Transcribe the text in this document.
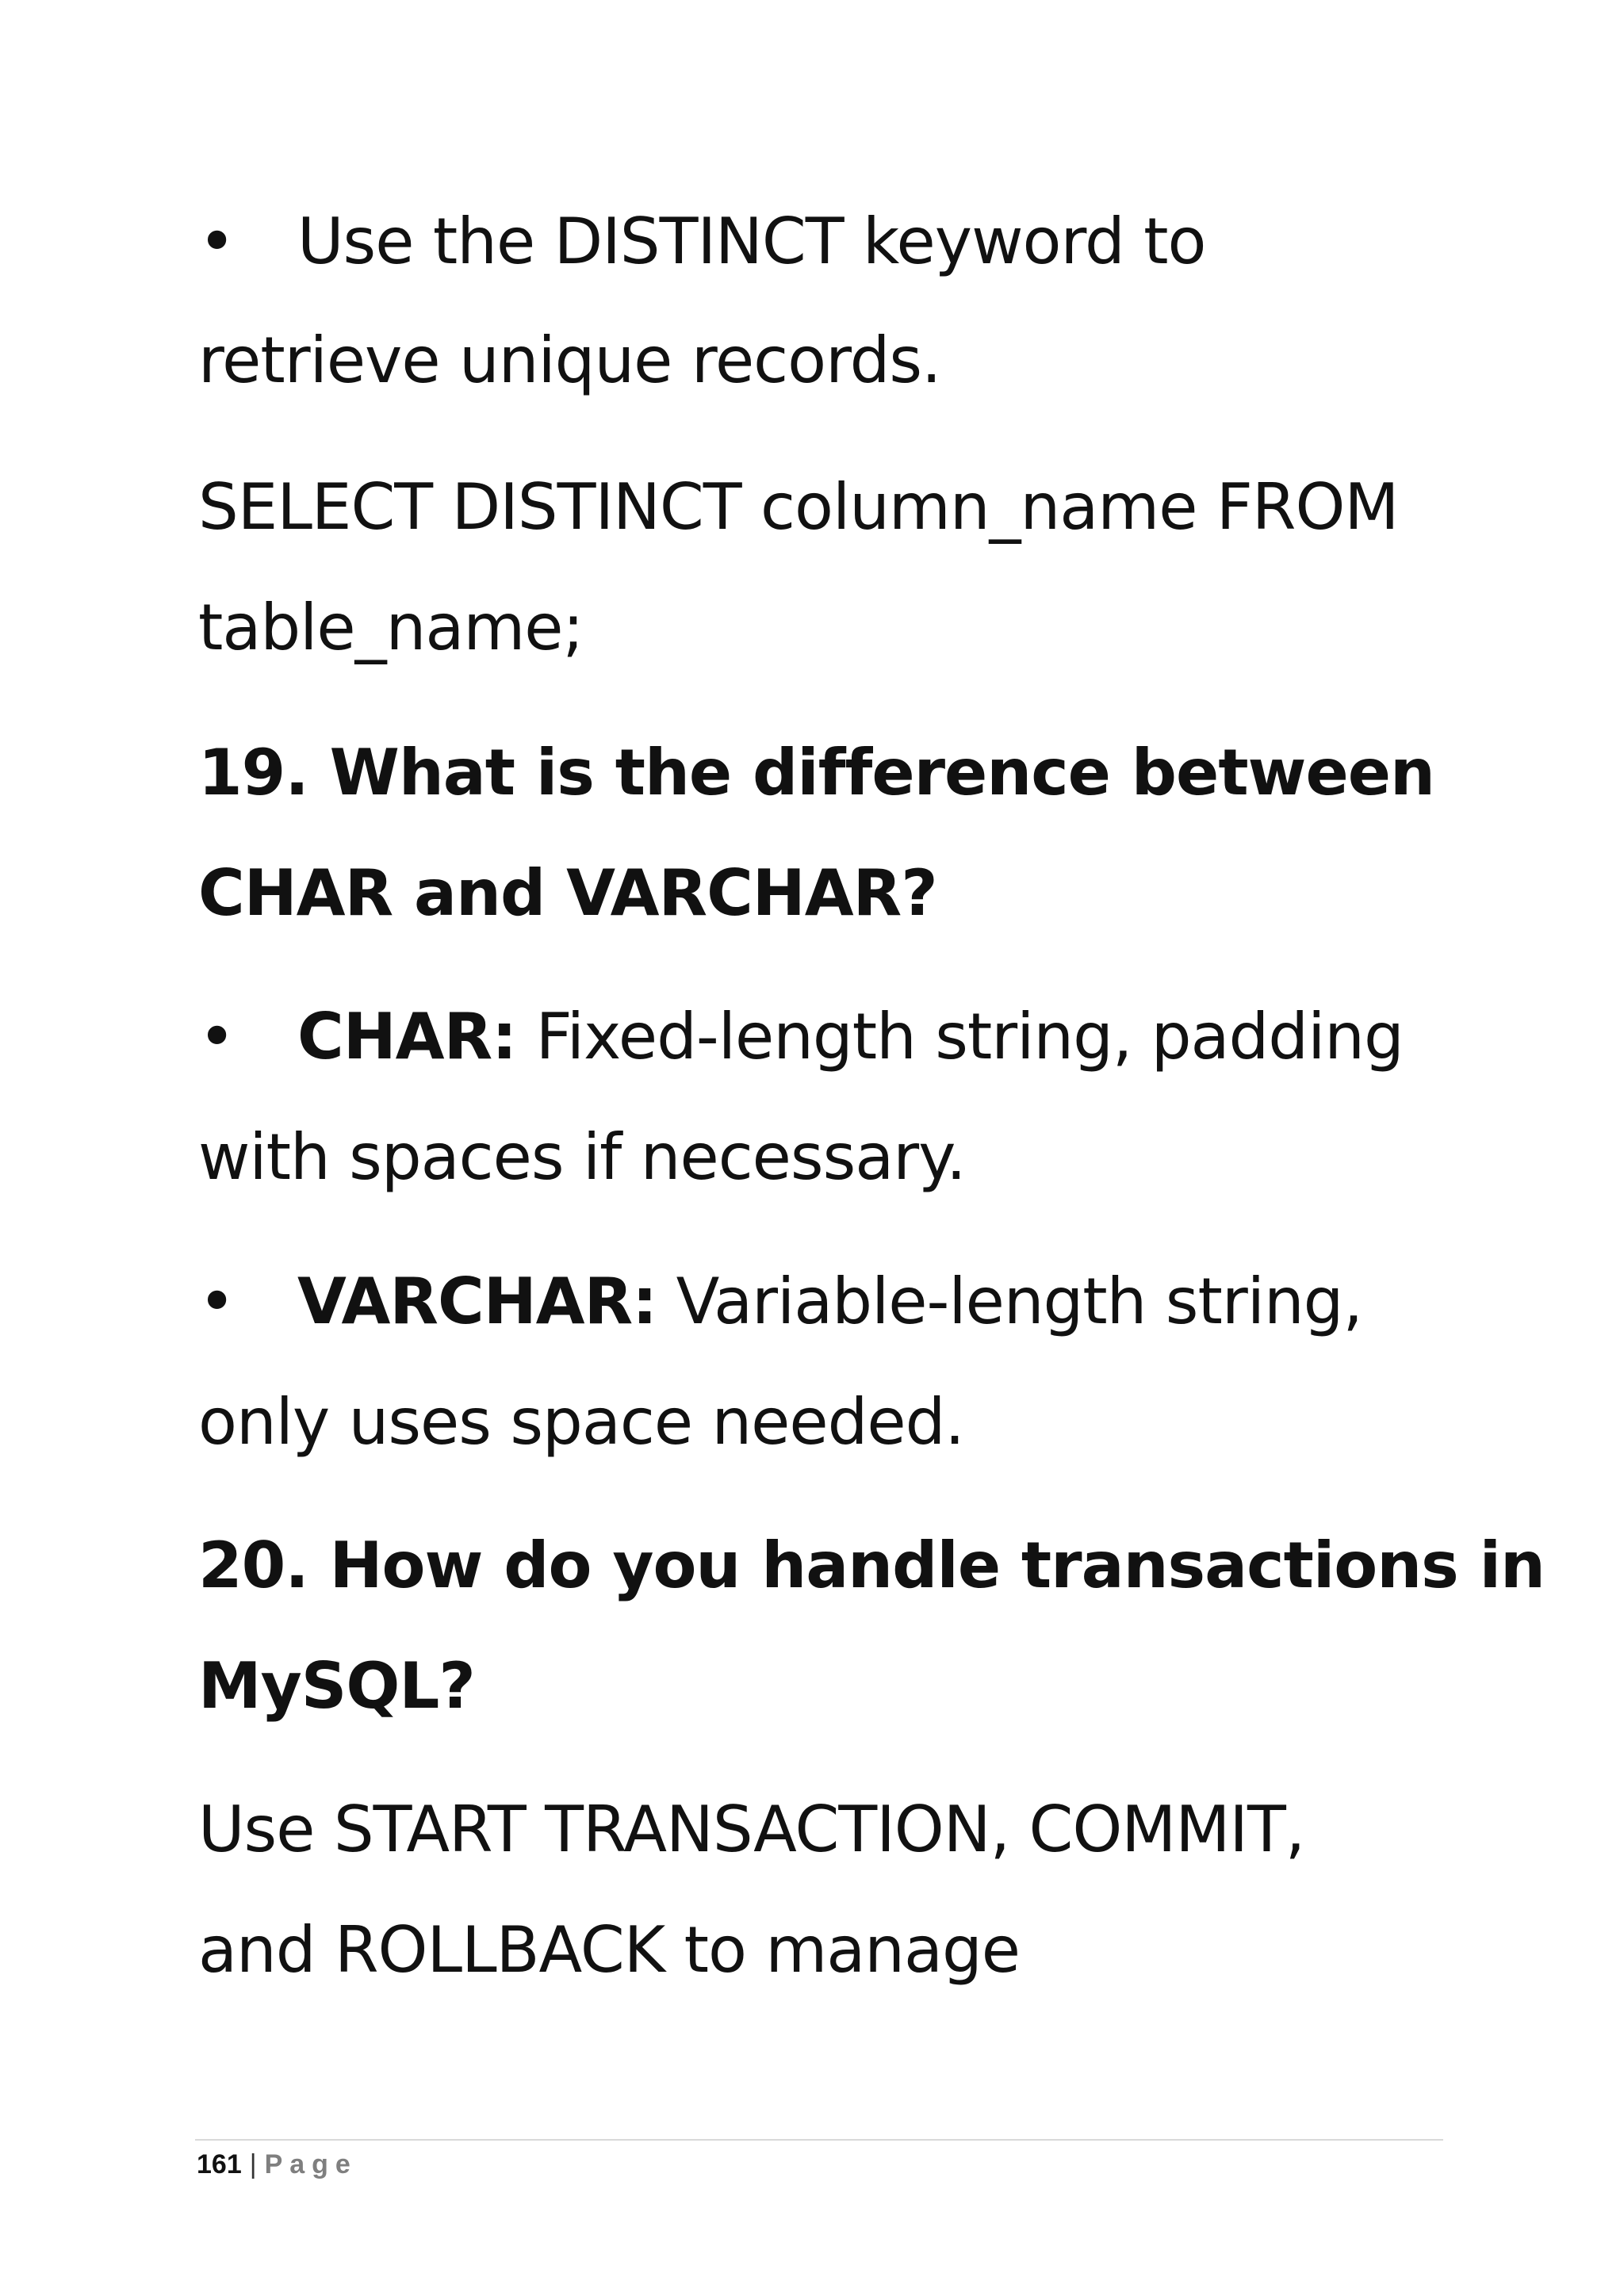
• Use the DISTINCT keyword to
retrieve unique records.
SELECT DISTINCT column_name FROM
table_name;
19. What is the difference between
CHAR and VARCHAR?
• CHAR: Fixed-length string, padding
with spaces if necessary.
• VARCHAR: Variable-length string,
only uses space needed.
20. How do you handle transactions in
MySQL?
Use START TRANSACTION, COMMIT,
and ROLLBACK to manage
161 | Page
